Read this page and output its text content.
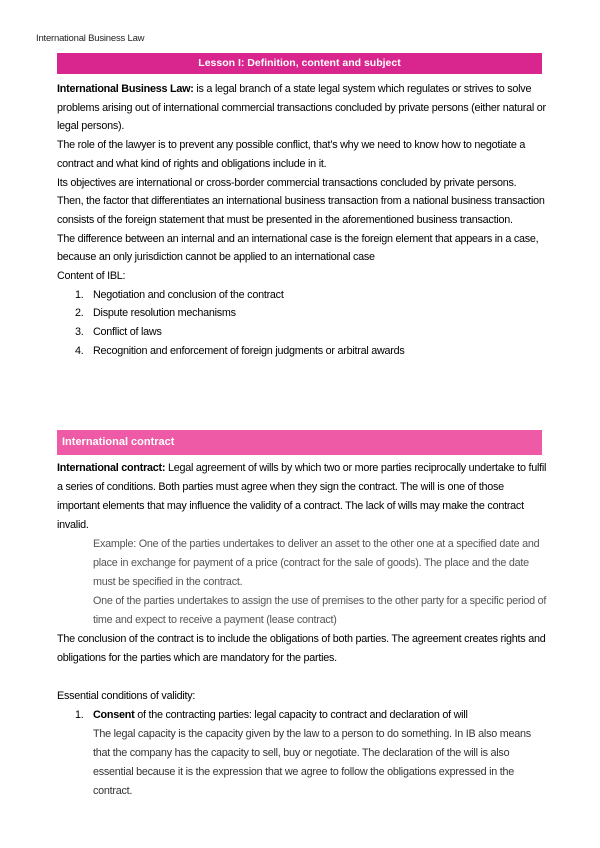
International Business Law
Lesson I: Definition, content and subject

International Business Law: is a legal branch of a state legal system which regulates or strives to solve problems arising out of international commercial transactions concluded by private persons (either natural or legal persons).

The role of the lawyer is to prevent any possible conflict, that’s why we need to know how to negotiate a contract and what kind of rights and obligations include in it.

Its objectives are international or cross-border commercial transactions concluded by private persons.

Then, the factor that differentiates an international business transaction from a national business transaction consists of the foreign statement that must be presented in the aforementioned business transaction.

The difference between an internal and an international case is the foreign element that appears in a case, because an only jurisdiction cannot be applied to an international case

Content of IBL:

1. Negotiation and conclusion of the contract
2. Dispute resolution mechanisms
3. Conflict of laws
4. Recognition and enforcement of foreign judgments or arbitral awards
International contract

International contract: Legal agreement of wills by which two or more parties reciprocally undertake to fulfil a series of conditions. Both parties must agree when they sign the contract. The will is one of those important elements that may influence the validity of a contract. The lack of wills may make the contract invalid.

Example: One of the parties undertakes to deliver an asset to the other one at a specified date and place in exchange for payment of a price (contract for the sale of goods). The place and the date must be specified in the contract.

One of the parties undertakes to assign the use of premises to the other party for a specific period of time and expect to receive a payment (lease contract)

The conclusion of the contract is to include the obligations of both parties. The agreement creates rights and obligations for the parties which are mandatory for the parties.

Essential conditions of validity:

1. Consent of the contracting parties: legal capacity to contract and declaration of will

The legal capacity is the capacity given by the law to a person to do something. In IB also means that the company has the capacity to sell, buy or negotiate. The declaration of the will is also essential because it is the expression that we agree to follow the obligations expressed in the contract.
